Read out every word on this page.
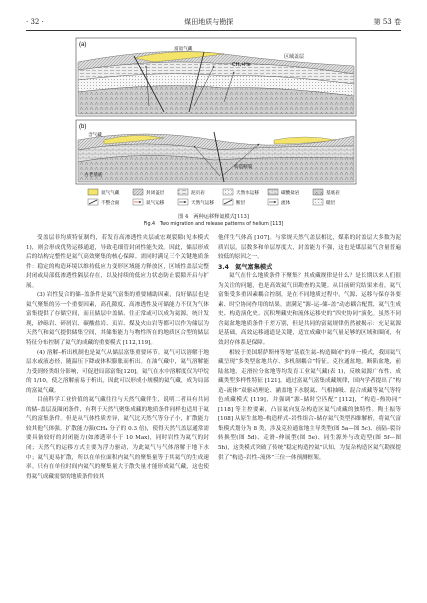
· 32 ·	煤田地质与勘探	第 53 卷
(a)
CH₄+He
区域盖层
富氦气藏
(b)
含气藏
构造断裂
古老基底
氦气气藏	封闭盖层	泥页岩	天然水运移	碳酸盐岩	基底岩
不整合面	氦气运移	天然气运移	断层	流体	储层
图 4　两种运移释氦模式[113]
Fig.4　Two migration and release patterns of helium [113]

受盖层非均质特征制约，若发育高渗透性夹层或宏观裂隙(见本模式1)，则会形成优势运移通道，导致毛细管封闭性能失效。因此，储层形成后的结构完整性是氦气高效聚集的核心保障。需同时满足三个关键地质条件：稳定的构造环境以维持低应力变形区域能力释放区，区域性盖层完整封闭或局部低渗透性隔层存在，以及持续的低应力状态防止裂隙开启与扩展。

(3) 岩性复合的储–盖条件是氦气富集的重要辅助因素，良好储层也是氦气聚集的另一个重要因素，高孔隙度、高渗透性及可储能力不仅为气体富集提供了存储空间，而且储层中盖储、往正常或可以成为氦源。统计发现，砂砾岩、碎屑岩、碳酸盐岩、页岩、煤及火山岩等都可以作为储层为天然气和氦气提供储集空间，其储集能力与物性所在的地质区合型的储层特征分布控制了氦气的成藏的重要模式 [112,119]。

(4) 溶解–析出机制也是氦气从储层富集重要环节。氦气可以溶解于地层水或液态烃，随温压下降或体积膨胀而析出。在油气藏中，氦气溶解能力受到烃类组分影响，可促进局部富集[120]。氦气在水中溶解度仅为甲烷的 1/10，使之溶解前易于析出，因此可以形成小规模的氦气藏，成为局部的富氦气藏。

目前科学工业价值的氦气藏往往与天然气藏伴生，说明二者具有共同的储–盖层及圈闭条件，有利于天然气聚集成藏的地质条件同样也适用于氦气的富集条件。但是从气体性质差异，氦气比天然气等分子小，扩散能力较其他气体强。扩散能力强(CH₄ 分子的 0.3 倍)，使得天然气盖层通常需要具备较好的封闭能力(如渗透率小于 10 Max)，同时岩性为氦气的封闭；天然气的运移方式主要为浮力驱动，为此氦气与气体溶解于地下水中；氦气更易扩散，所以在单位面积内氦气的聚集量等于其氦气的生成速率。只有在单位时间内氦气的聚集量大于散失量才能形成氦气藏，这也使得氦气成藏需要的地质条件较其

他伴生气体高 [107]。与常规天然气盖层相比，煤系的封盖层大多数为泥质岩层，层数多和单层厚度大，封盖能力不强，这也是煤层氦气含量普遍较低的原因之一。

3.4　氦气富集模式

氦气在什么地质条件下聚集？其成藏规律是什么？是长期以来人们很为关注的问题，也是高效氦气田勘查的关键。从目前研究结果来看，氦气富集受多重因素耦合控制，是在不同地质过程中，气源、运移与保存各要素、时空协同作用的结果。需满足“源–运–储–盖”动态耦合配置，氦气生成史、构造演化史、沉积埋藏史和流体运移史的“四史协同”演化。虽然不同含氦盆地地质条件千差万别，但是共同的富氦规律仍然被揭示：充足氦源是基础，高效运移通道是关键，适宜成藏中氦气量足够的区域和圈闭，有效封存体系是保障。

相较于美国堪萨斯州等地“基底生氦–构造圈闭”的单一模式，我国氦气藏呈现“多类型盆地共存、多机制耦合”特征。克拉通盆地，断陷盆地，前陆盆地，走滑拉分盆地等均发育工业氦气藏(表 1)，反映氦源广布性、成藏类型多样性特征 [121]。通过富氦气富集成藏规律，国内学者提出了“构造–流体”双驱动理论、涵盖地下水脱氦、气相抽吸、混合成藏等氦气等特色成藏模式 [119]，并强调“源–储时空匹配” [112]，“构造–热协同” [118] 等主控要素，凸显氦向复杂构造区氦气成藏的独特性。陶士振等 [108] 从原生盆地–构造样式–岩性组合–储存氦气类型四维解析，将氦气富集模式划分为 8 类，涉及克拉通盆地主导类型(图 5a—图 5c)、前陆–裂谷转换型(图 5d)、走滑–伸展型(图 5e)、同生源外与改造型(图 5f—图 5h)，这类模式突破了传统“稳定构造控氦”认知，为复杂构造区氦气勘探提供了“构造–岩性–流体”三位一体预测框架。
